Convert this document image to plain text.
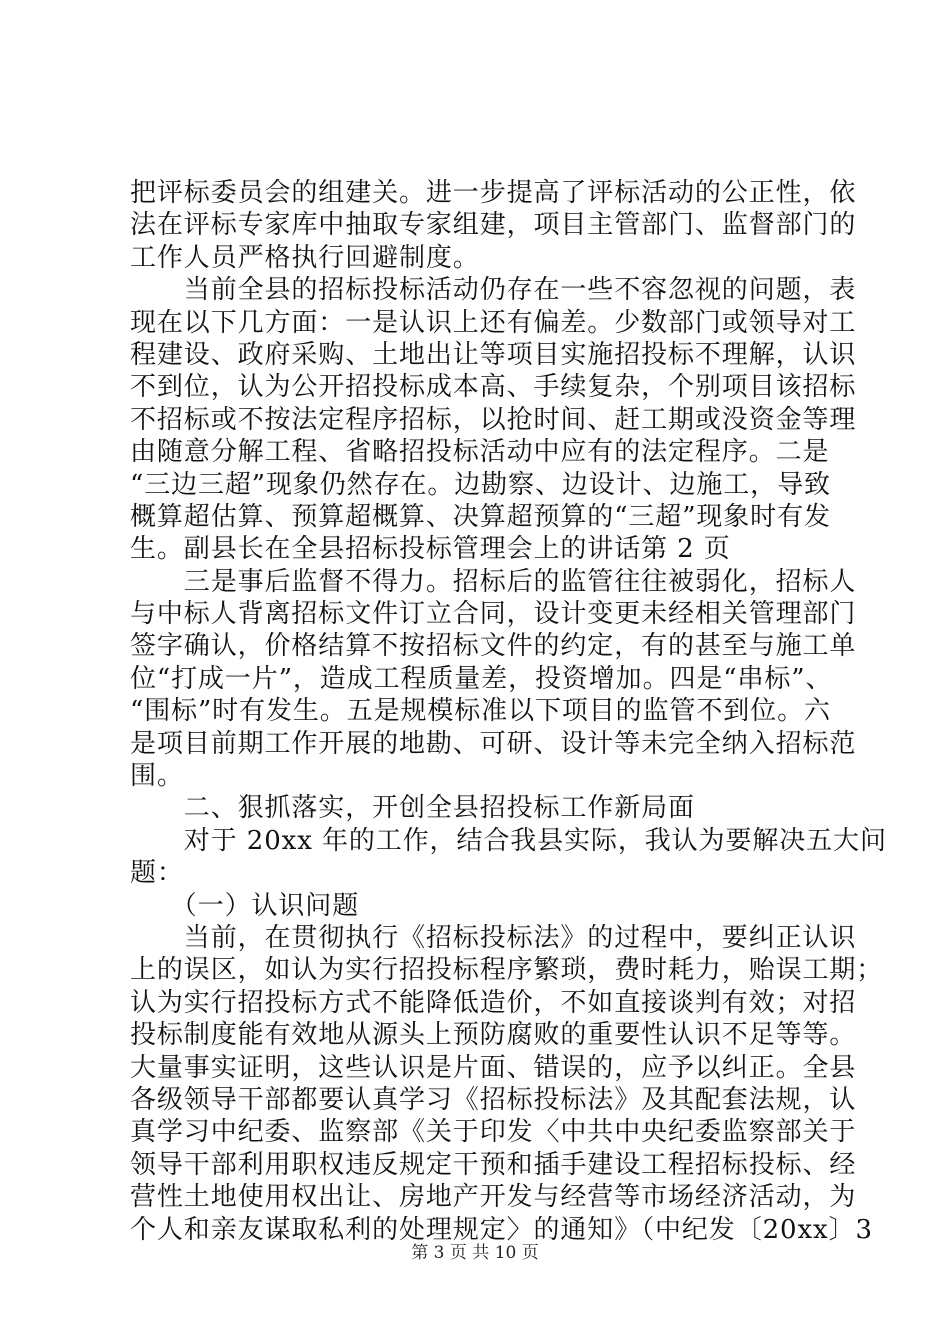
把评标委员会的组建关。进一步提高了评标活动的公正性，依
法在评标专家库中抽取专家组建，项目主管部门、监督部门的
工作人员严格执行回避制度。
　　当前全县的招标投标活动仍存在一些不容忽视的问题，表
现在以下几方面：一是认识上还有偏差。少数部门或领导对工
程建设、政府采购、土地出让等项目实施招投标不理解，认识
不到位，认为公开招投标成本高、手续复杂，个别项目该招标
不招标或不按法定程序招标，以抢时间、赶工期或没资金等理
由随意分解工程、省略招投标活动中应有的法定程序。二是
“三边三超”现象仍然存在。边勘察、边设计、边施工，导致
概算超估算、预算超概算、决算超预算的“三超”现象时有发
生。副县长在全县招标投标管理会上的讲话第 2 页
　　三是事后监督不得力。招标后的监管往往被弱化，招标人
与中标人背离招标文件订立合同，设计变更未经相关管理部门
签字确认，价格结算不按招标文件的约定，有的甚至与施工单
位“打成一片”，造成工程质量差，投资增加。四是“串标”、
“围标”时有发生。五是规模标准以下项目的监管不到位。六
是项目前期工作开展的地勘、可研、设计等未完全纳入招标范
围。
　　二、狠抓落实，开创全县招投标工作新局面
　　对于 20xx 年的工作，结合我县实际，我认为要解决五大问
题：
　　（一）认识问题
　　当前，在贯彻执行《招标投标法》的过程中，要纠正认识
上的误区，如认为实行招投标程序繁琐，费时耗力，贻误工期；
认为实行招投标方式不能降低造价，不如直接谈判有效；对招
投标制度能有效地从源头上预防腐败的重要性认识不足等等。
大量事实证明，这些认识是片面、错误的，应予以纠正。全县
各级领导干部都要认真学习《招标投标法》及其配套法规，认
真学习中纪委、监察部《关于印发〈中共中央纪委监察部关于
领导干部利用职权违反规定干预和插手建设工程招标投标、经
营性土地使用权出让、房地产开发与经营等市场经济活动，为
个人和亲友谋取私利的处理规定〉的通知》（中纪发〔20xx〕3
第 3 页 共 10 页
